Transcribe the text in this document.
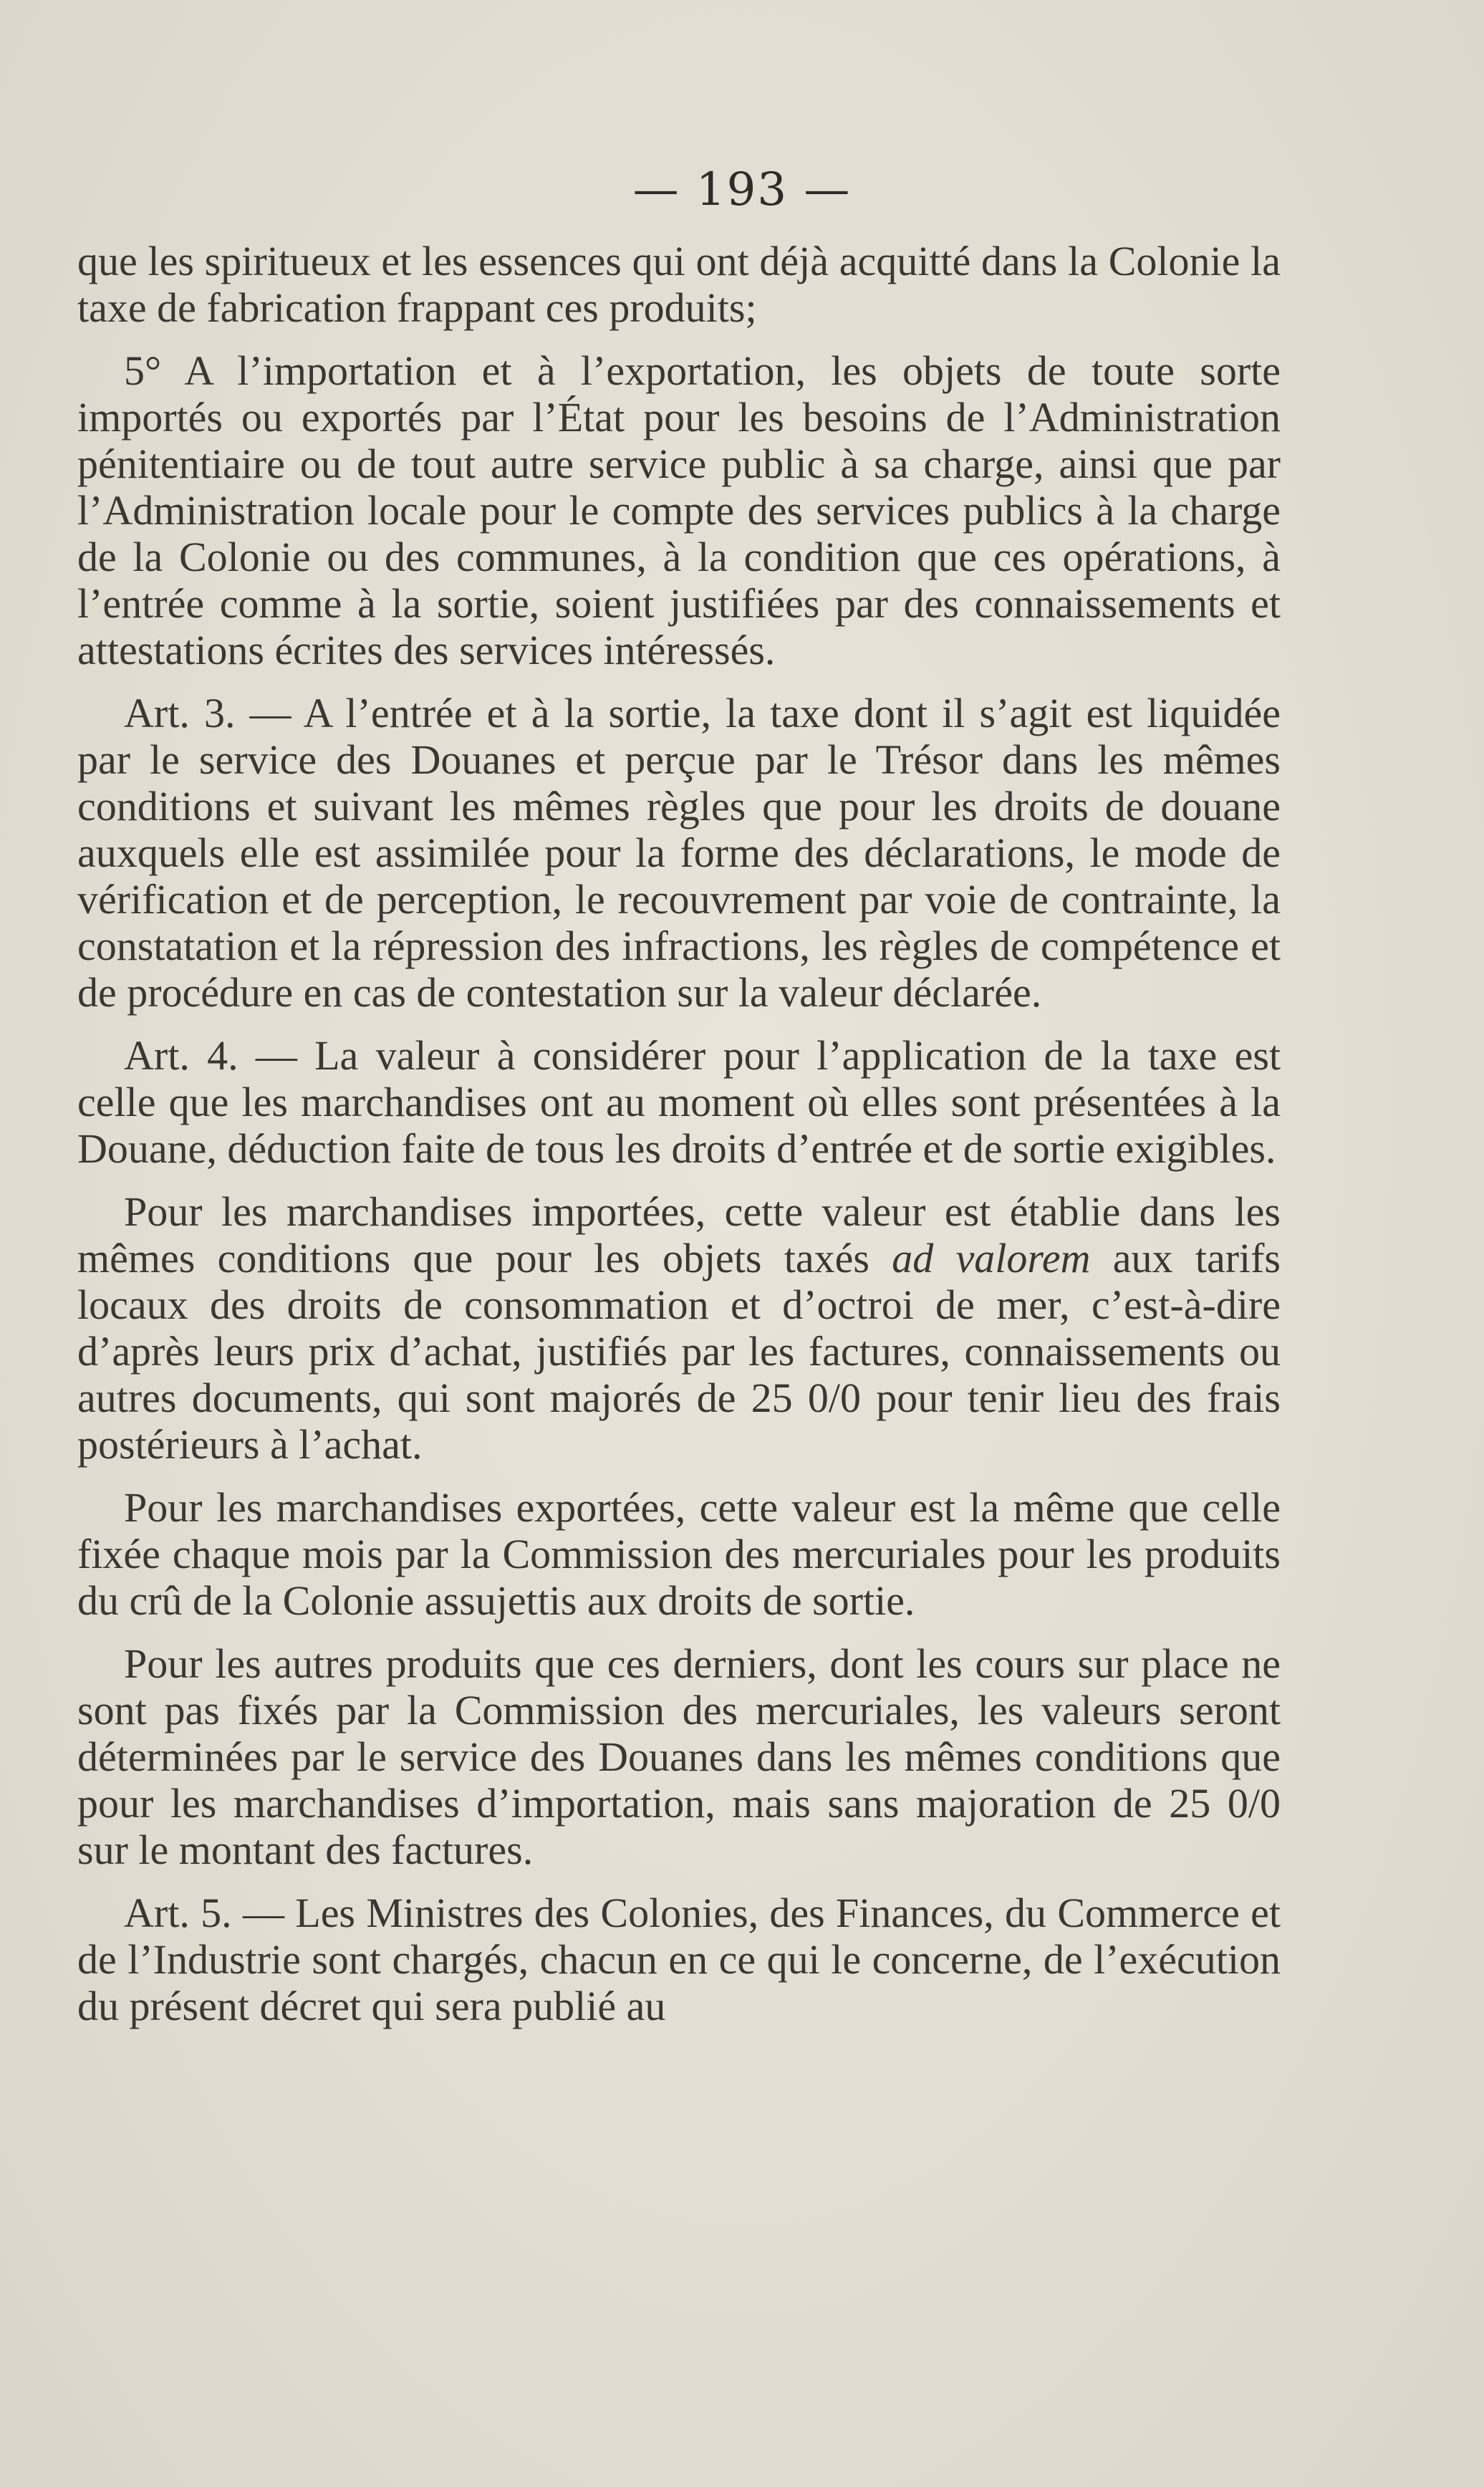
— 193 —

que les spiritueux et les essences qui ont déjà acquitté dans la Colonie la taxe de fabrication frappant ces produits;

5° A l’importation et à l’exportation, les objets de toute sorte importés ou exportés par l’État pour les besoins de l’Administration pénitentiaire ou de tout autre service public à sa charge, ainsi que par l’Administration locale pour le compte des services publics à la charge de la Colonie ou des communes, à la condition que ces opérations, à l’entrée comme à la sortie, soient justifiées par des connaissements et attestations écrites des services intéressés.

Art. 3. — A l’entrée et à la sortie, la taxe dont il s’agit est liquidée par le service des Douanes et perçue par le Trésor dans les mêmes conditions et suivant les mêmes règles que pour les droits de douane auxquels elle est assimilée pour la forme des déclarations, le mode de vérification et de perception, le recouvrement par voie de contrainte, la constatation et la répression des infractions, les règles de compétence et de procédure en cas de contestation sur la valeur déclarée.

Art. 4. — La valeur à considérer pour l’application de la taxe est celle que les marchandises ont au moment où elles sont présentées à la Douane, déduction faite de tous les droits d’entrée et de sortie exigibles.

Pour les marchandises importées, cette valeur est établie dans les mêmes conditions que pour les objets taxés ad valorem aux tarifs locaux des droits de consommation et d’octroi de mer, c’est-à-dire d’après leurs prix d’achat, justifiés par les factures, connaissements ou autres documents, qui sont majorés de 25 0/0 pour tenir lieu des frais postérieurs à l’achat.

Pour les marchandises exportées, cette valeur est la même que celle fixée chaque mois par la Commission des mercuriales pour les produits du crû de la Colonie assujettis aux droits de sortie.

Pour les autres produits que ces derniers, dont les cours sur place ne sont pas fixés par la Commission des mercuriales, les valeurs seront déterminées par le service des Douanes dans les mêmes conditions que pour les marchandises d’importation, mais sans majoration de 25 0/0 sur le montant des factures.

Art. 5. — Les Ministres des Colonies, des Finances, du Commerce et de l’Industrie sont chargés, chacun en ce qui le concerne, de l’exécution du présent décret qui sera publié au
